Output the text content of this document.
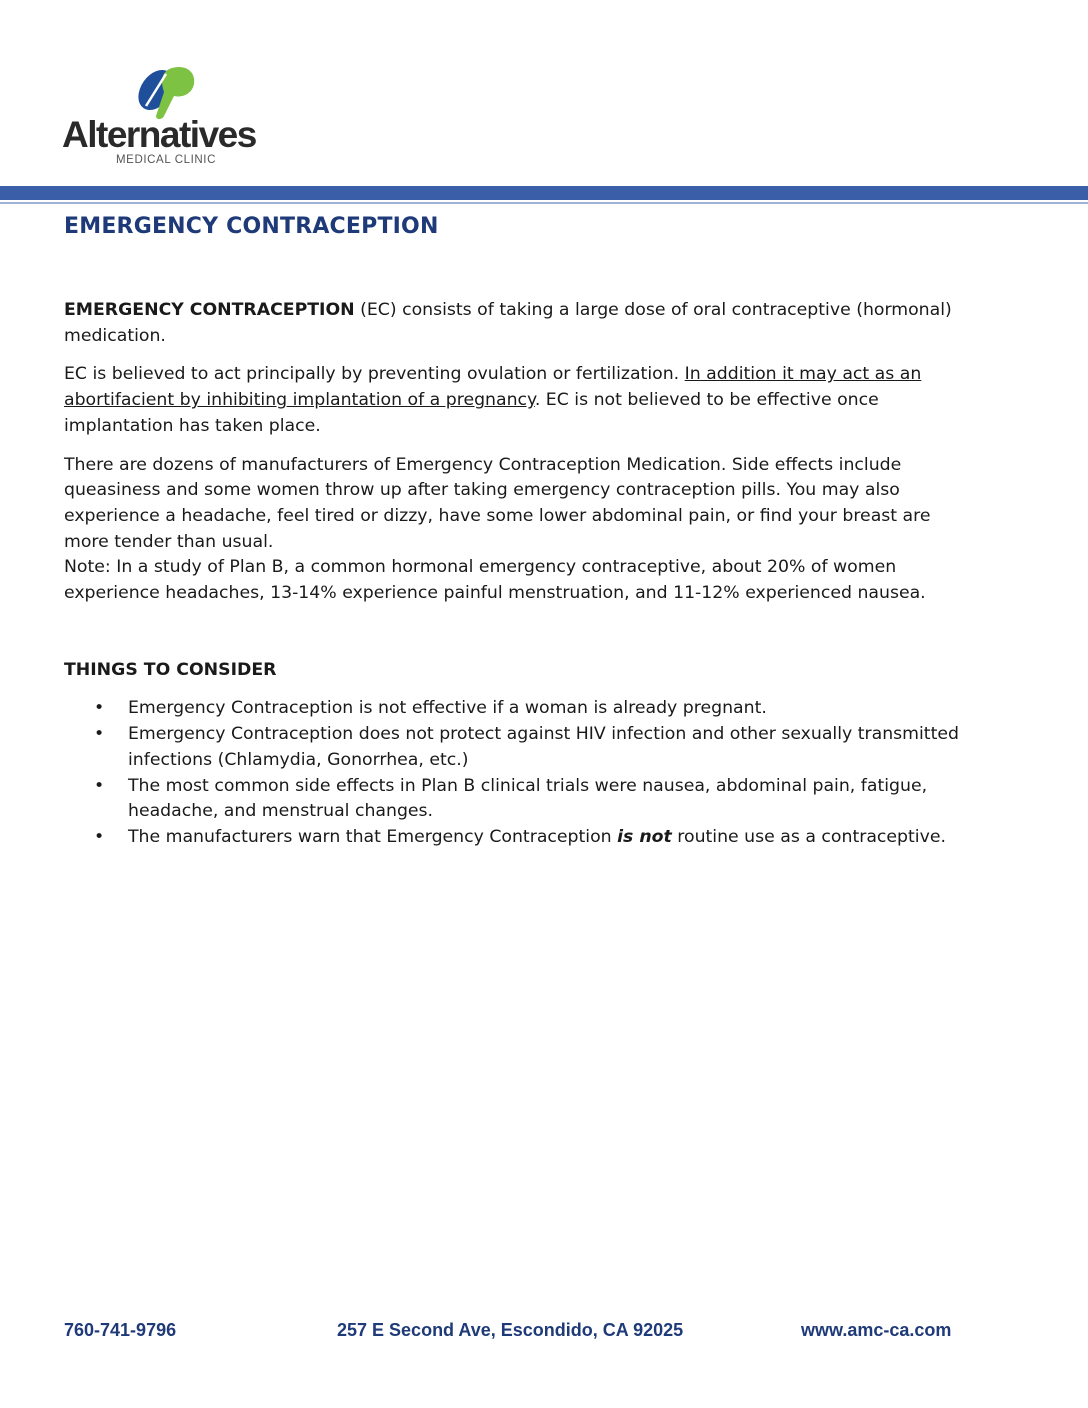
Alternatives
MEDICAL CLINIC
EMERGENCY CONTRACEPTION

EMERGENCY CONTRACEPTION (EC) consists of taking a large dose of oral contraceptive (hormonal) medication.

EC is believed to act principally by preventing ovulation or fertilization. In addition it may act as an abortifacient by inhibiting implantation of a pregnancy. EC is not believed to be effective once implantation has taken place.

There are dozens of manufacturers of Emergency Contraception Medication. Side effects include queasiness and some women throw up after taking emergency contraception pills. You may also experience a headache, feel tired or dizzy, have some lower abdominal pain, or find your breast are more tender than usual.
Note: In a study of Plan B, a common hormonal emergency contraceptive, about 20% of women experience headaches, 13-14% experience painful menstruation, and 11-12% experienced nausea.

THINGS TO CONSIDER
• Emergency Contraception is not effective if a woman is already pregnant.
• Emergency Contraception does not protect against HIV infection and other sexually transmitted infections (Chlamydia, Gonorrhea, etc.)
• The most common side effects in Plan B clinical trials were nausea, abdominal pain, fatigue, headache, and menstrual changes.
• The manufacturers warn that Emergency Contraception is not routine use as a contraceptive.
760-741-9796	257 E Second Ave, Escondido, CA 92025	www.amc-ca.com
